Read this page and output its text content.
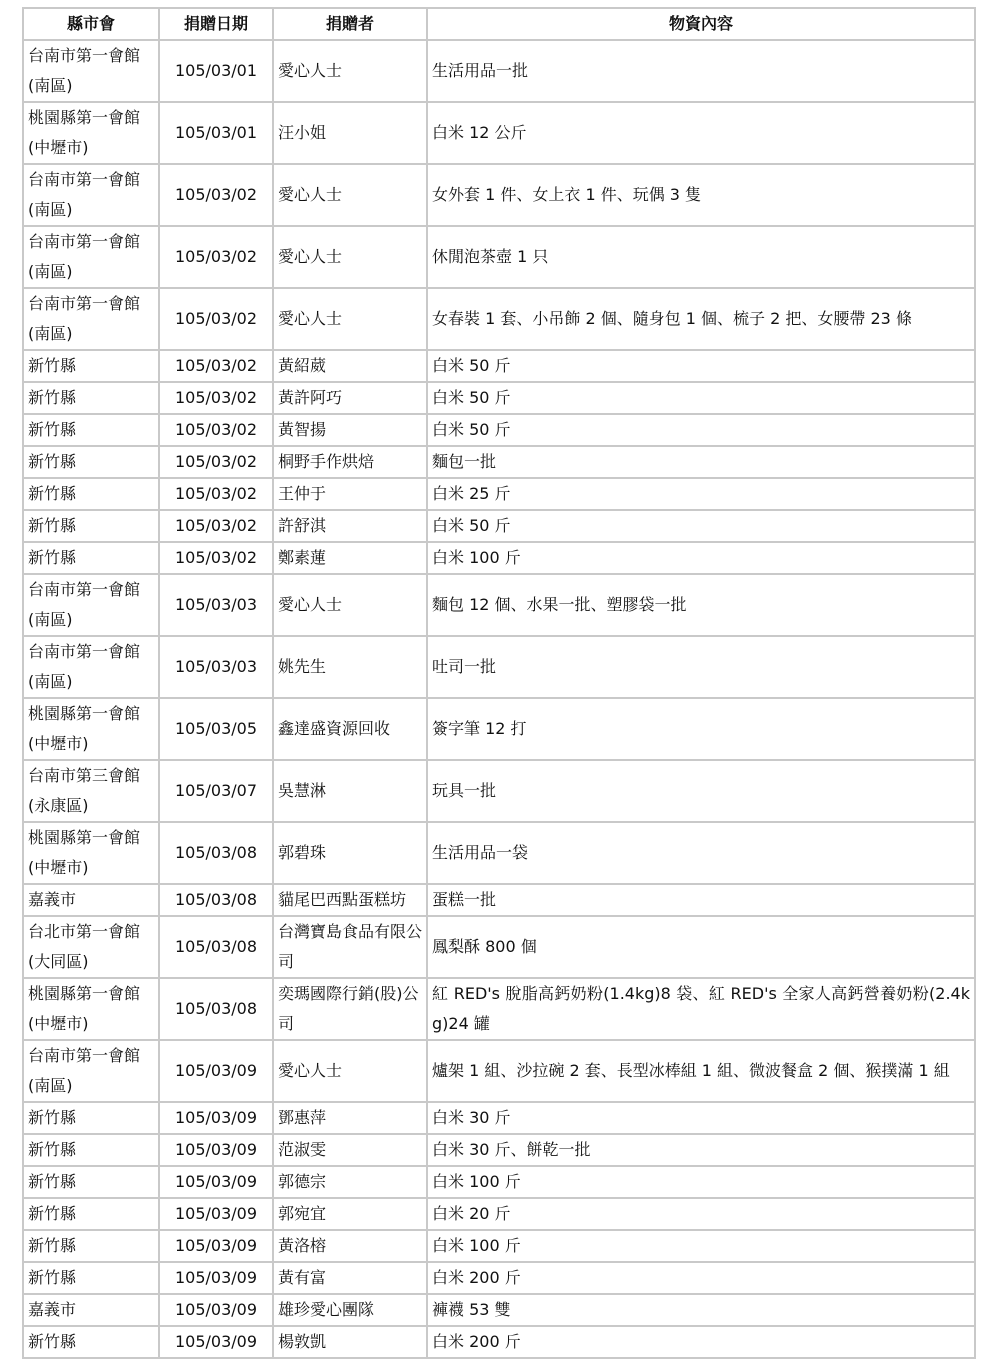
縣市會	捐贈日期	捐贈者	物資內容
台南市第一會館
(南區)	105/03/01	愛心人士	生活用品一批
桃園縣第一會館
(中壢市)	105/03/01	汪小姐	白米 12 公斤
台南市第一會館
(南區)	105/03/02	愛心人士	女外套 1 件、女上衣 1 件、玩偶 3 隻
台南市第一會館
(南區)	105/03/02	愛心人士	休閒泡茶壺 1 只
台南市第一會館
(南區)	105/03/02	愛心人士	女春裝 1 套、小吊飾 2 個、隨身包 1 個、梳子 2 把、女腰帶 23 條
新竹縣	105/03/02	黃紹葳	白米 50 斤
新竹縣	105/03/02	黃許阿巧	白米 50 斤
新竹縣	105/03/02	黃智揚	白米 50 斤
新竹縣	105/03/02	桐野手作烘焙	麵包一批
新竹縣	105/03/02	王仲于	白米 25 斤
新竹縣	105/03/02	許舒淇	白米 50 斤
新竹縣	105/03/02	鄭素蓮	白米 100 斤
台南市第一會館
(南區)	105/03/03	愛心人士	麵包 12 個、水果一批、塑膠袋一批
台南市第一會館
(南區)	105/03/03	姚先生	吐司一批
桃園縣第一會館
(中壢市)	105/03/05	鑫達盛資源回收	簽字筆 12 打
台南市第三會館
(永康區)	105/03/07	吳慧淋	玩具一批
桃園縣第一會館
(中壢市)	105/03/08	郭碧珠	生活用品一袋
嘉義市	105/03/08	貓尾巴西點蛋糕坊	蛋糕一批
台北市第一會館
(大同區)	105/03/08	台灣寶島食品有限公司	鳳梨酥 800 個
桃園縣第一會館
(中壢市)	105/03/08	奕瑪國際行銷(股)公司	紅 RED's 脫脂高鈣奶粉(1.4kg)8 袋、紅 RED's 全家人高鈣營養奶粉(2.4kg)24 罐
台南市第一會館
(南區)	105/03/09	愛心人士	爐架 1 組、沙拉碗 2 套、長型冰棒組 1 組、微波餐盒 2 個、猴撲滿 1 組
新竹縣	105/03/09	鄧惠萍	白米 30 斤
新竹縣	105/03/09	范淑雯	白米 30 斤、餅乾一批
新竹縣	105/03/09	郭德宗	白米 100 斤
新竹縣	105/03/09	郭宛宜	白米 20 斤
新竹縣	105/03/09	黃洛榕	白米 100 斤
新竹縣	105/03/09	黃有富	白米 200 斤
嘉義市	105/03/09	雄珍愛心團隊	褲襪 53 雙
新竹縣	105/03/09	楊敦凱	白米 200 斤
